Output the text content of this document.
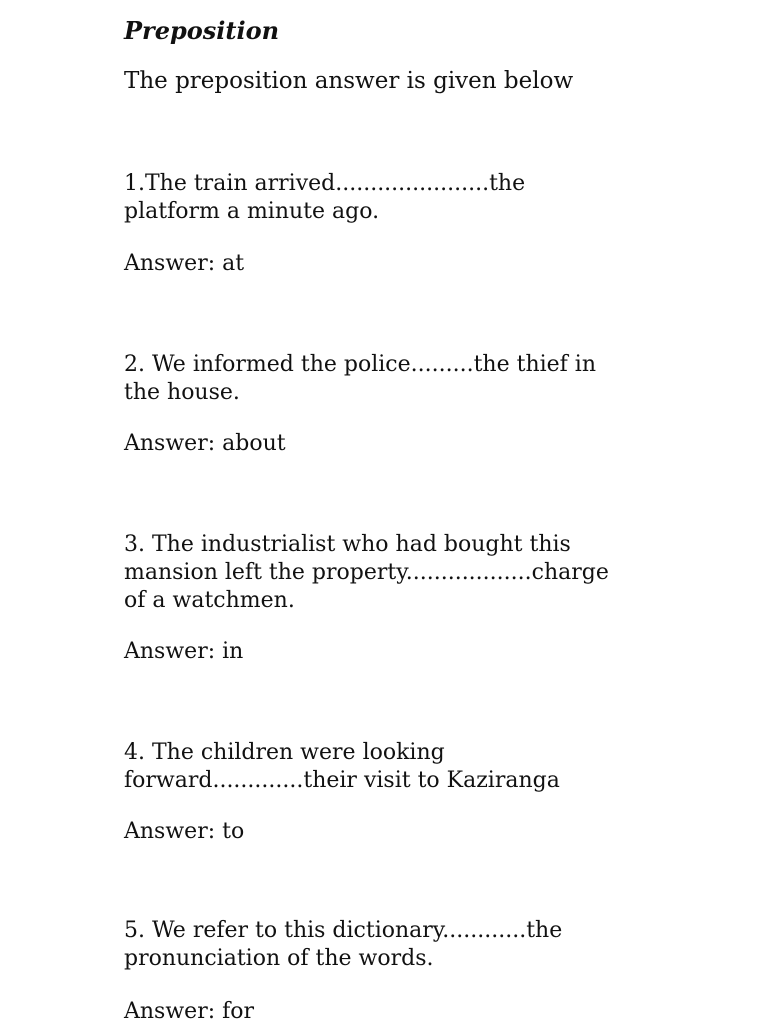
Preposition

The preposition answer is given below

1.The train arrived......................the
platform a minute ago.

Answer: at

2. We informed the police.........the thief in
the house.

Answer: about

3. The industrialist who had bought this
mansion left the property..................charge
of a watchmen.

Answer: in

4. The children were looking
forward.............their visit to Kaziranga

Answer: to

5. We refer to this dictionary............the
pronunciation of the words.

Answer: for
